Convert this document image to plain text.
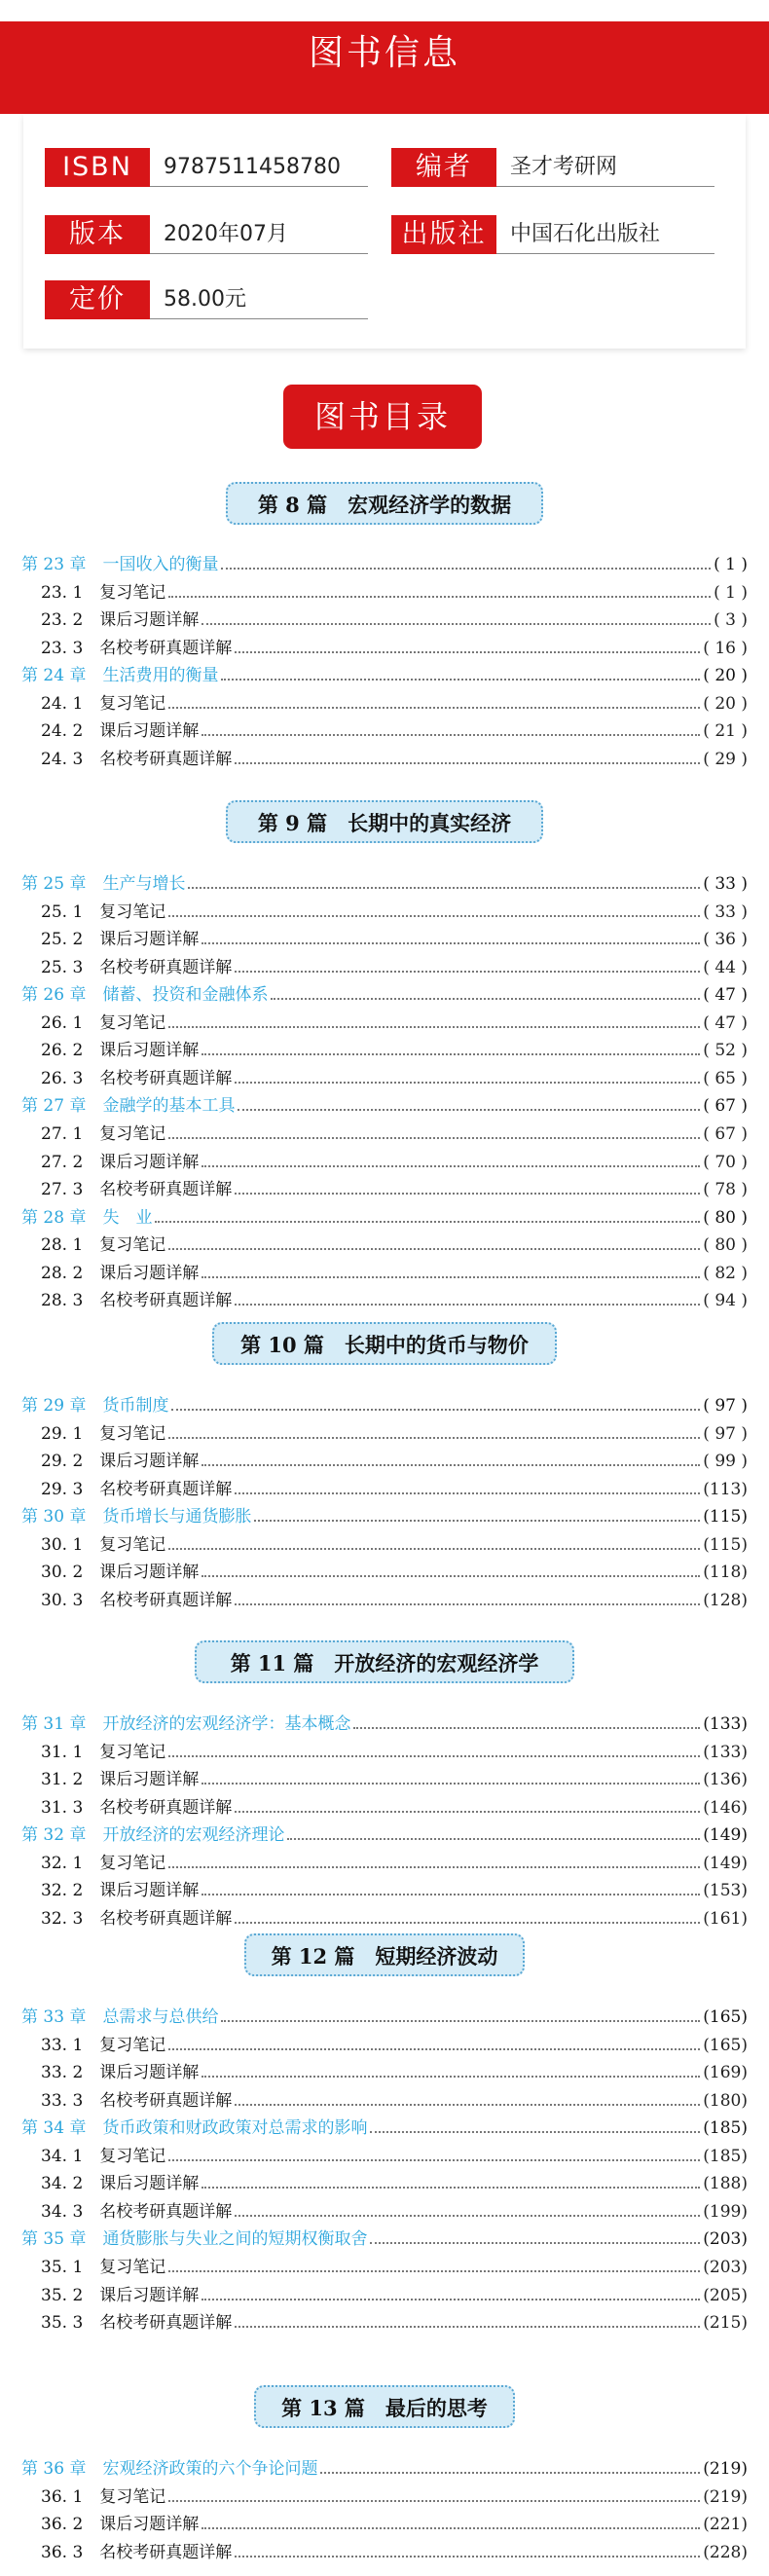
图书信息
ISBN	9787511458780	编者	圣才考研网
版本	2020年07月	出版社	中国石化出版社
定价	58.00元
图书目录
第 8 篇　宏观经济学的数据
第 23 章　一国收入的衡量	( 1 )
23. 1　复习笔记	( 1 )
23. 2　课后习题详解	( 3 )
23. 3　名校考研真题详解	( 16 )
第 24 章　生活费用的衡量	( 20 )
24. 1　复习笔记	( 20 )
24. 2　课后习题详解	( 21 )
24. 3　名校考研真题详解	( 29 )
第 9 篇　长期中的真实经济
第 25 章　生产与增长	( 33 )
25. 1　复习笔记	( 33 )
25. 2　课后习题详解	( 36 )
25. 3　名校考研真题详解	( 44 )
第 26 章　储蓄、投资和金融体系	( 47 )
26. 1　复习笔记	( 47 )
26. 2　课后习题详解	( 52 )
26. 3　名校考研真题详解	( 65 )
第 27 章　金融学的基本工具	( 67 )
27. 1　复习笔记	( 67 )
27. 2　课后习题详解	( 70 )
27. 3　名校考研真题详解	( 78 )
第 28 章　失　业	( 80 )
28. 1　复习笔记	( 80 )
28. 2　课后习题详解	( 82 )
28. 3　名校考研真题详解	( 94 )
第 10 篇　长期中的货币与物价
第 29 章　货币制度	( 97 )
29. 1　复习笔记	( 97 )
29. 2　课后习题详解	( 99 )
29. 3　名校考研真题详解	(113)
第 30 章　货币增长与通货膨胀	(115)
30. 1　复习笔记	(115)
30. 2　课后习题详解	(118)
30. 3　名校考研真题详解	(128)
第 11 篇　开放经济的宏观经济学
第 31 章　开放经济的宏观经济学：基本概念	(133)
31. 1　复习笔记	(133)
31. 2　课后习题详解	(136)
31. 3　名校考研真题详解	(146)
第 32 章　开放经济的宏观经济理论	(149)
32. 1　复习笔记	(149)
32. 2　课后习题详解	(153)
32. 3　名校考研真题详解	(161)
第 12 篇　短期经济波动
第 33 章　总需求与总供给	(165)
33. 1　复习笔记	(165)
33. 2　课后习题详解	(169)
33. 3　名校考研真题详解	(180)
第 34 章　货币政策和财政政策对总需求的影响	(185)
34. 1　复习笔记	(185)
34. 2　课后习题详解	(188)
34. 3　名校考研真题详解	(199)
第 35 章　通货膨胀与失业之间的短期权衡取舍	(203)
35. 1　复习笔记	(203)
35. 2　课后习题详解	(205)
35. 3　名校考研真题详解	(215)
第 13 篇　最后的思考
第 36 章　宏观经济政策的六个争论问题	(219)
36. 1　复习笔记	(219)
36. 2　课后习题详解	(221)
36. 3　名校考研真题详解	(228)
